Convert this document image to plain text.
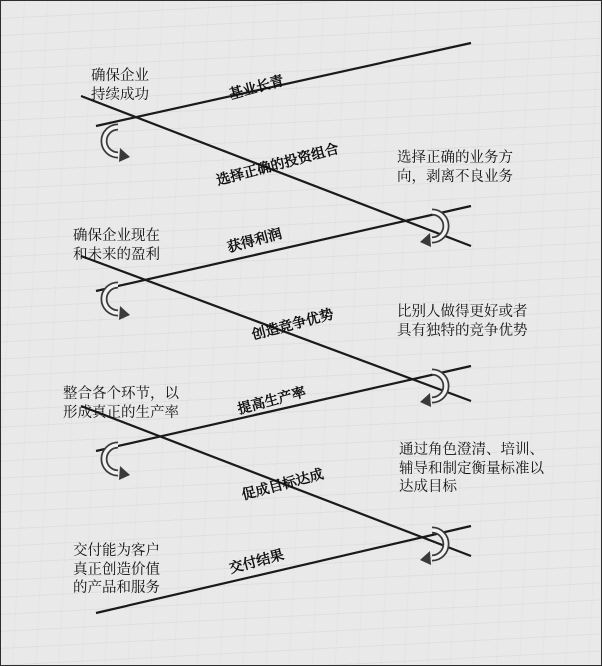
确保企业
持续成功
确保企业现在
和未来的盈利
整合各个环节，以
形成真正的生产率
交付能为客户
真正创造价值
的产品和服务
选择正确的业务方
向，剥离不良业务
比别人做得更好或者
具有独特的竞争优势
通过角色澄清、培训、
辅导和制定衡量标准以
达成目标
基业长青
选择正确的投资组合
获得利润
创造竞争优势
提高生产率
促成目标达成
交付结果
